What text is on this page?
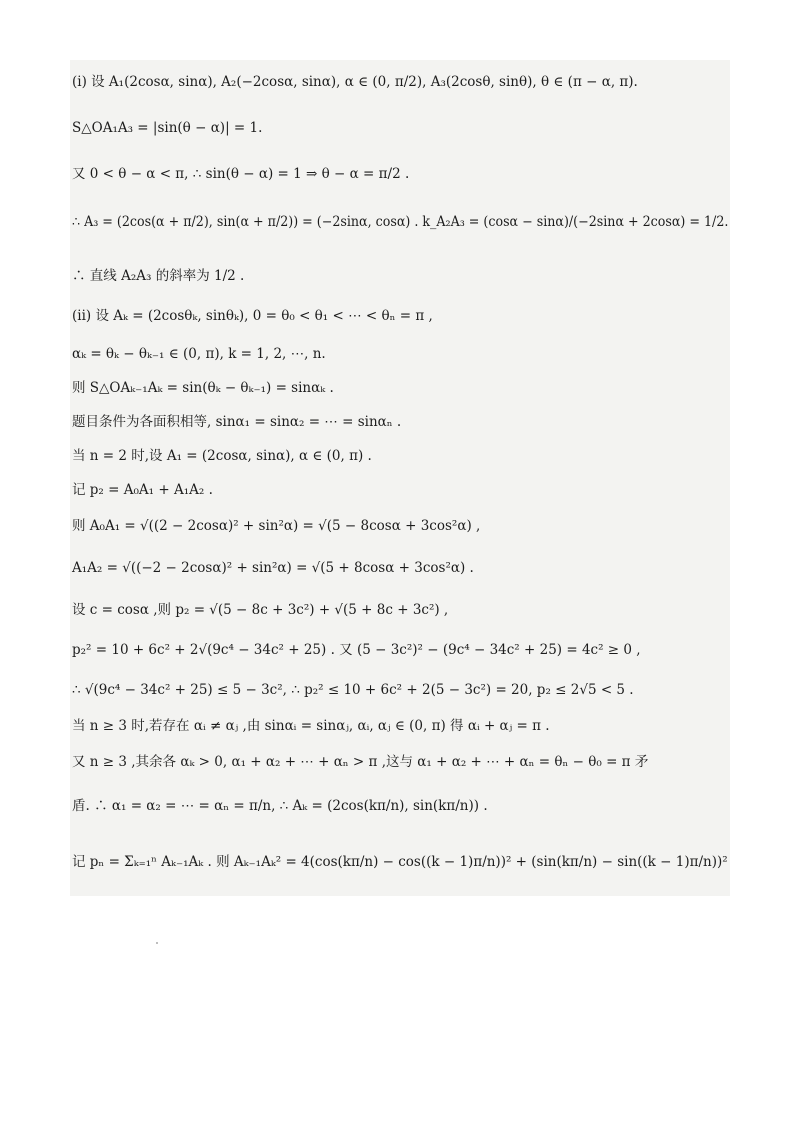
(i) 设 A₁(2cosα, sinα), A₂(−2cosα, sinα), α ∈ (0, π/2), A₃(2cosθ, sinθ), θ ∈ (π − α, π).
S△OA₁A₃ = |sin(θ − α)| = 1.
又 0 < θ − α < π, ∴ sin(θ − α) = 1 ⇒ θ − α = π/2 .
∴ A₃ = (2cos(α + π/2), sin(α + π/2)) = (−2sinα, cosα) . k_A₂A₃ = (cosα − sinα)/(−2sinα + 2cosα) = 1/2.
∴ 直线 A₂A₃ 的斜率为 1/2 .
(ii) 设 Aₖ = (2cosθₖ, sinθₖ), 0 = θ₀ < θ₁ < ⋯ < θₙ = π ,
αₖ = θₖ − θₖ₋₁ ∈ (0, π), k = 1, 2, ⋯, n.
则 S△OAₖ₋₁Aₖ = sin(θₖ − θₖ₋₁) = sinαₖ .
题目条件为各面积相等, sinα₁ = sinα₂ = ⋯ = sinαₙ .
当 n = 2 时,设 A₁ = (2cosα, sinα), α ∈ (0, π) .
记 p₂ = A₀A₁ + A₁A₂ .
则 A₀A₁ = √((2 − 2cosα)² + sin²α) = √(5 − 8cosα + 3cos²α) ,
A₁A₂ = √((−2 − 2cosα)² + sin²α) = √(5 + 8cosα + 3cos²α) .
设 c = cosα ,则 p₂ = √(5 − 8c + 3c²) + √(5 + 8c + 3c²) ,
p₂² = 10 + 6c² + 2√(9c⁴ − 34c² + 25) . 又 (5 − 3c²)² − (9c⁴ − 34c² + 25) = 4c² ≥ 0 ,
∴ √(9c⁴ − 34c² + 25) ≤ 5 − 3c², ∴ p₂² ≤ 10 + 6c² + 2(5 − 3c²) = 20, p₂ ≤ 2√5 < 5 .
当 n ≥ 3 时,若存在 αᵢ ≠ αⱼ ,由 sinαᵢ = sinαⱼ, αᵢ, αⱼ ∈ (0, π) 得 αᵢ + αⱼ = π .
又 n ≥ 3 ,其余各 αₖ > 0, α₁ + α₂ + ⋯ + αₙ > π ,这与 α₁ + α₂ + ⋯ + αₙ = θₙ − θ₀ = π 矛
盾. ∴ α₁ = α₂ = ⋯ = αₙ = π/n, ∴ Aₖ = (2cos(kπ/n), sin(kπ/n)) .
记 pₙ = Σₖ₌₁ⁿ Aₖ₋₁Aₖ . 则 Aₖ₋₁Aₖ² = 4(cos(kπ/n) − cos((k − 1)π/n))² + (sin(kπ/n) − sin((k − 1)π/n))²
